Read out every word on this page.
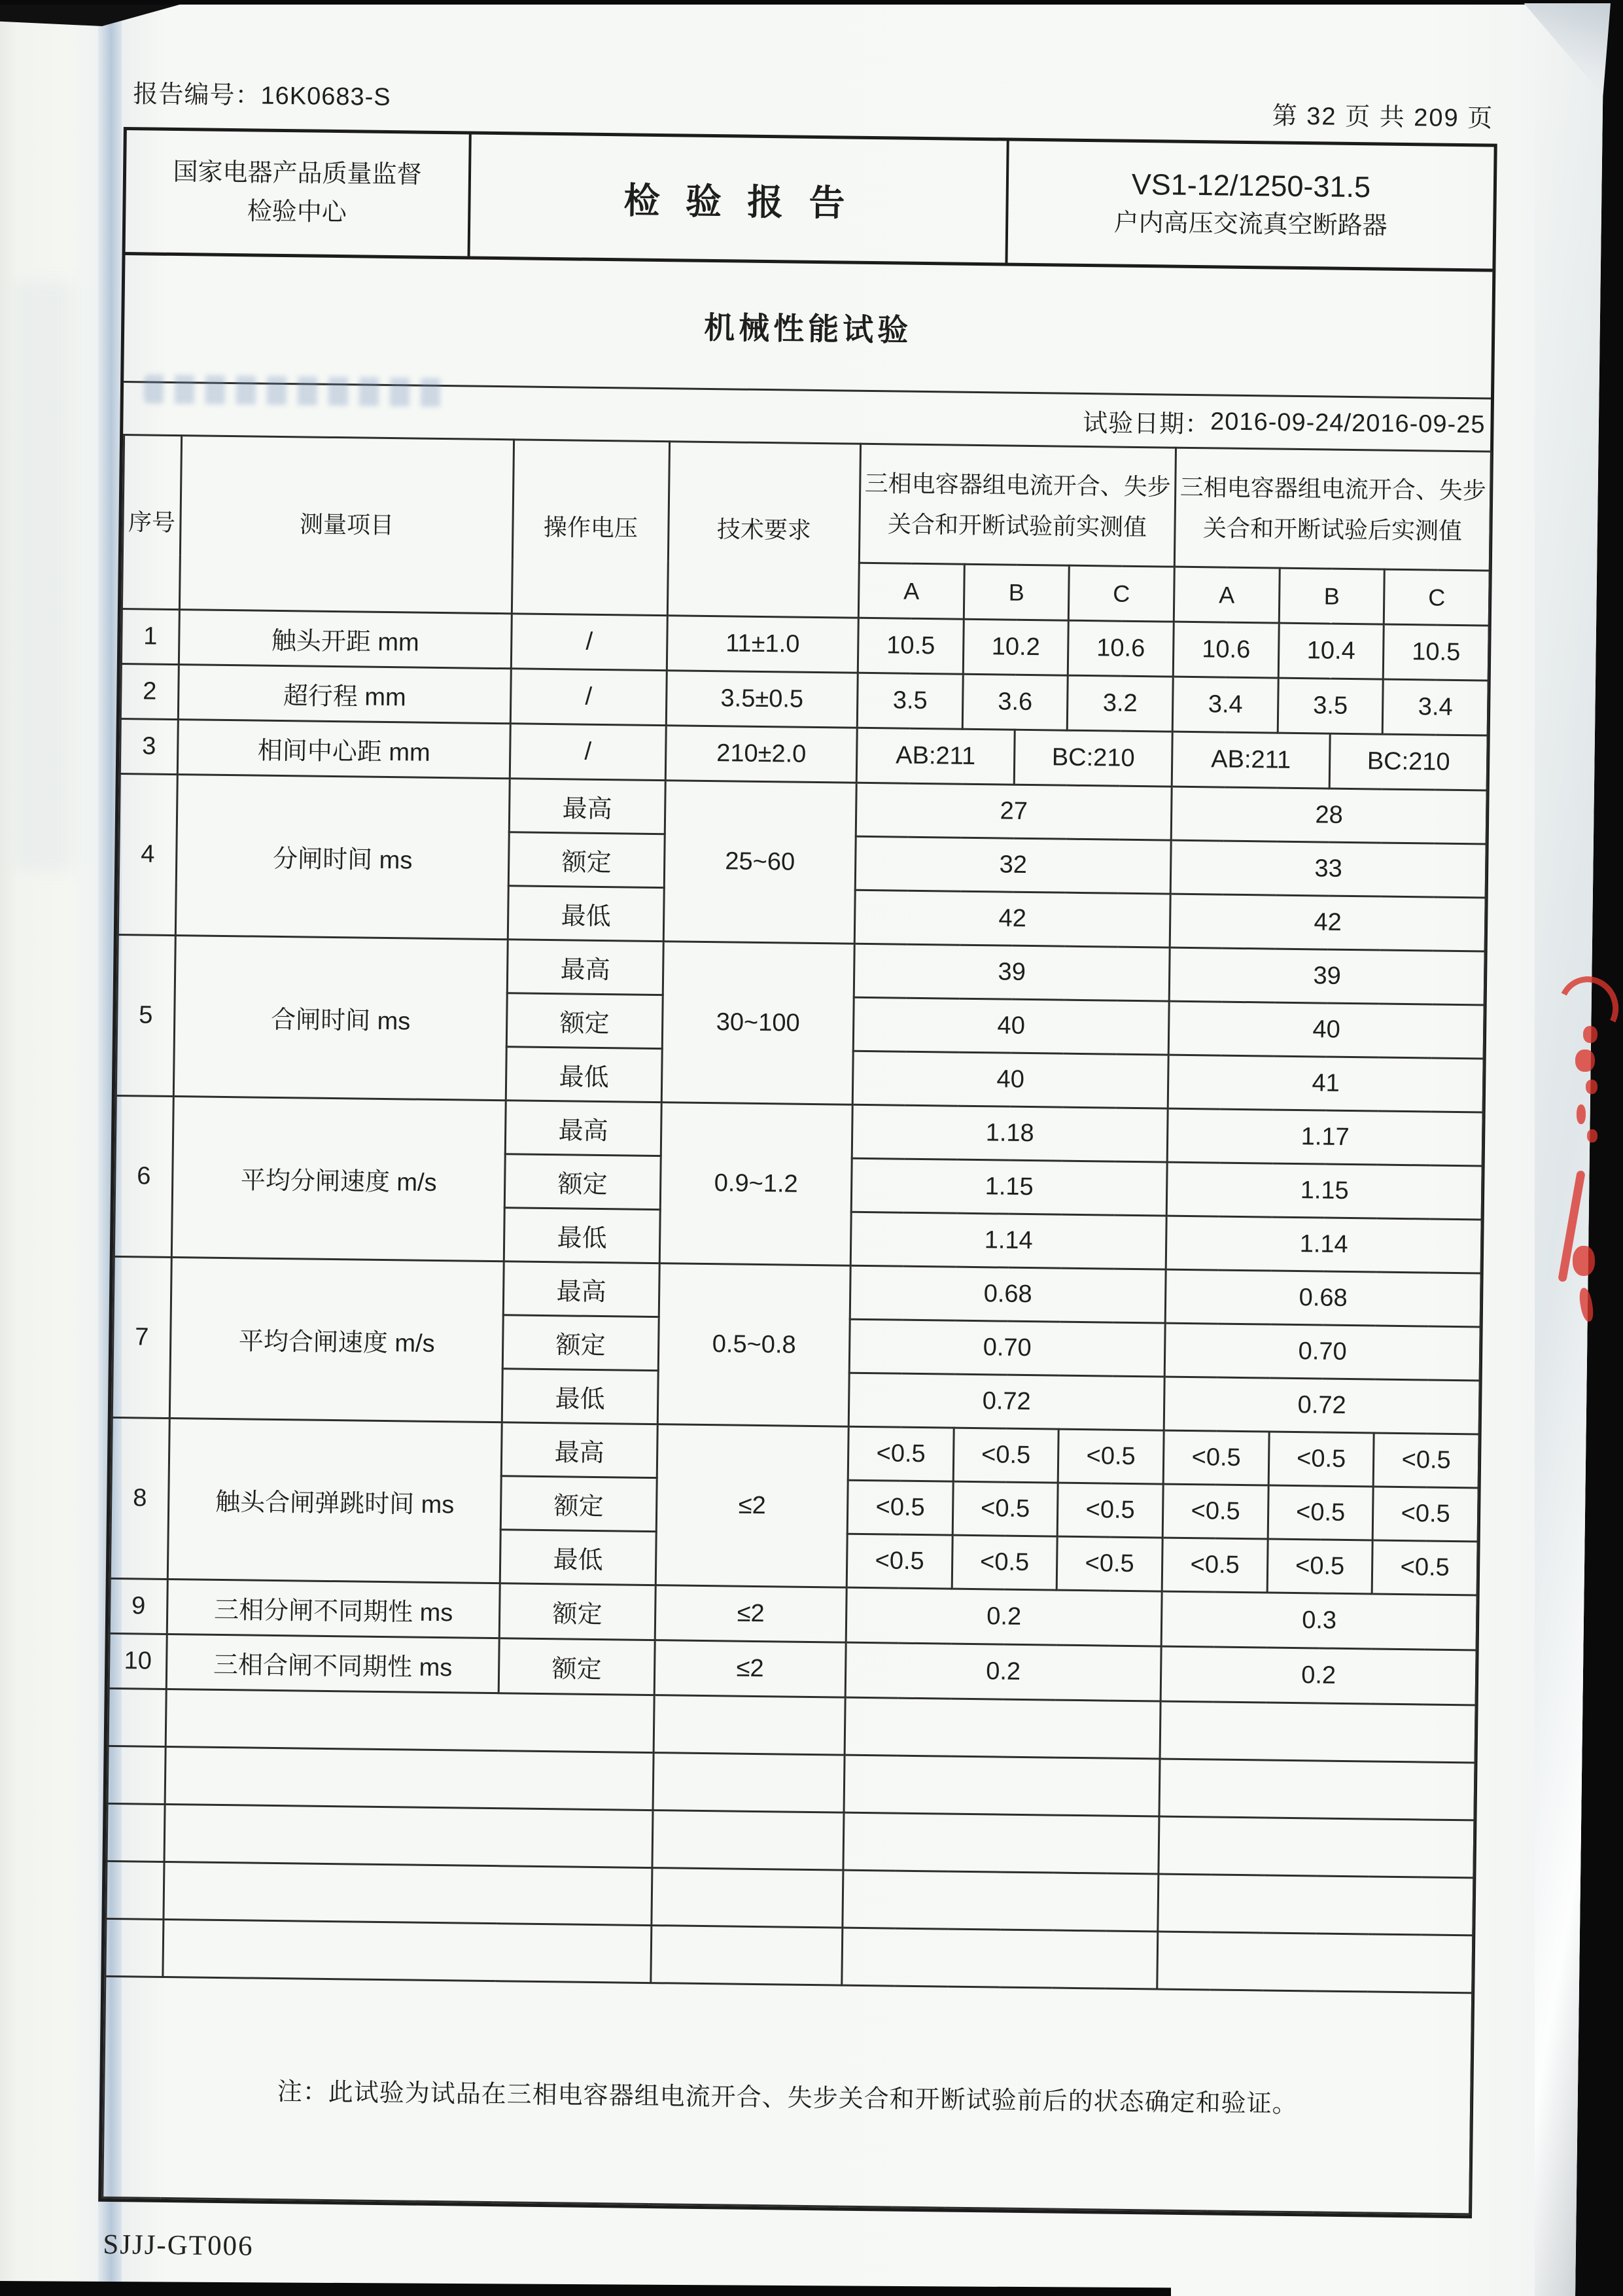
报告编号：16K0683-S
第 32 页 共 209 页
国家电器产品质量监督
检验中心	检 验 报 告	VS1-12/1250-31.5
户内高压交流真空断路器
机械性能试验
试验日期： 2016-09-24/2016-09-25
序号	测量项目	操作电压	技术要求	三相电容器组电流开合、失步关合和开断试验前实测值				三相电容器组电流开合、失步关合和开断试验后实测值			
				A	B		C	A	B		C
1	触头开距 mm	/	11±1.0	10.5	10.2		10.6	10.6	10.4		10.5
2	超行程 mm	/	3.5±0.5	3.5	3.6		3.2	3.4	3.5		3.4
3	相间中心距 mm	/	210±2.0	AB:211		BC:210		AB:211		BC:210	
4	分闸时间 ms	最高	25~60	27				28			
		额定		32				33			
		最低		42				42			
5	合闸时间 ms	最高	30~100	39				39			
		额定		40				40			
		最低		40				41			
6	平均分闸速度 m/s	最高	0.9~1.2	1.18				1.17			
		额定		1.15				1.15			
		最低		1.14				1.14			
7	平均合闸速度 m/s	最高	0.5~0.8	0.68				0.68			
		额定		0.70				0.70			
		最低		0.72				0.72			
8	触头合闸弹跳时间 ms	最高	≤2	<0.5	<0.5		<0.5	<0.5	<0.5		<0.5
		额定		<0.5	<0.5		<0.5	<0.5	<0.5		<0.5
		最低		<0.5	<0.5		<0.5	<0.5	<0.5		<0.5
9	三相分闸不同期性 ms	额定	≤2	0.2				0.3			
10	三相合闸不同期性 ms	额定	≤2	0.2				0.2			

注：此试验为试品在三相电容器组电流开合、失步关合和开断试验前后的状态确定和验证。											
SJJJ-GT006
